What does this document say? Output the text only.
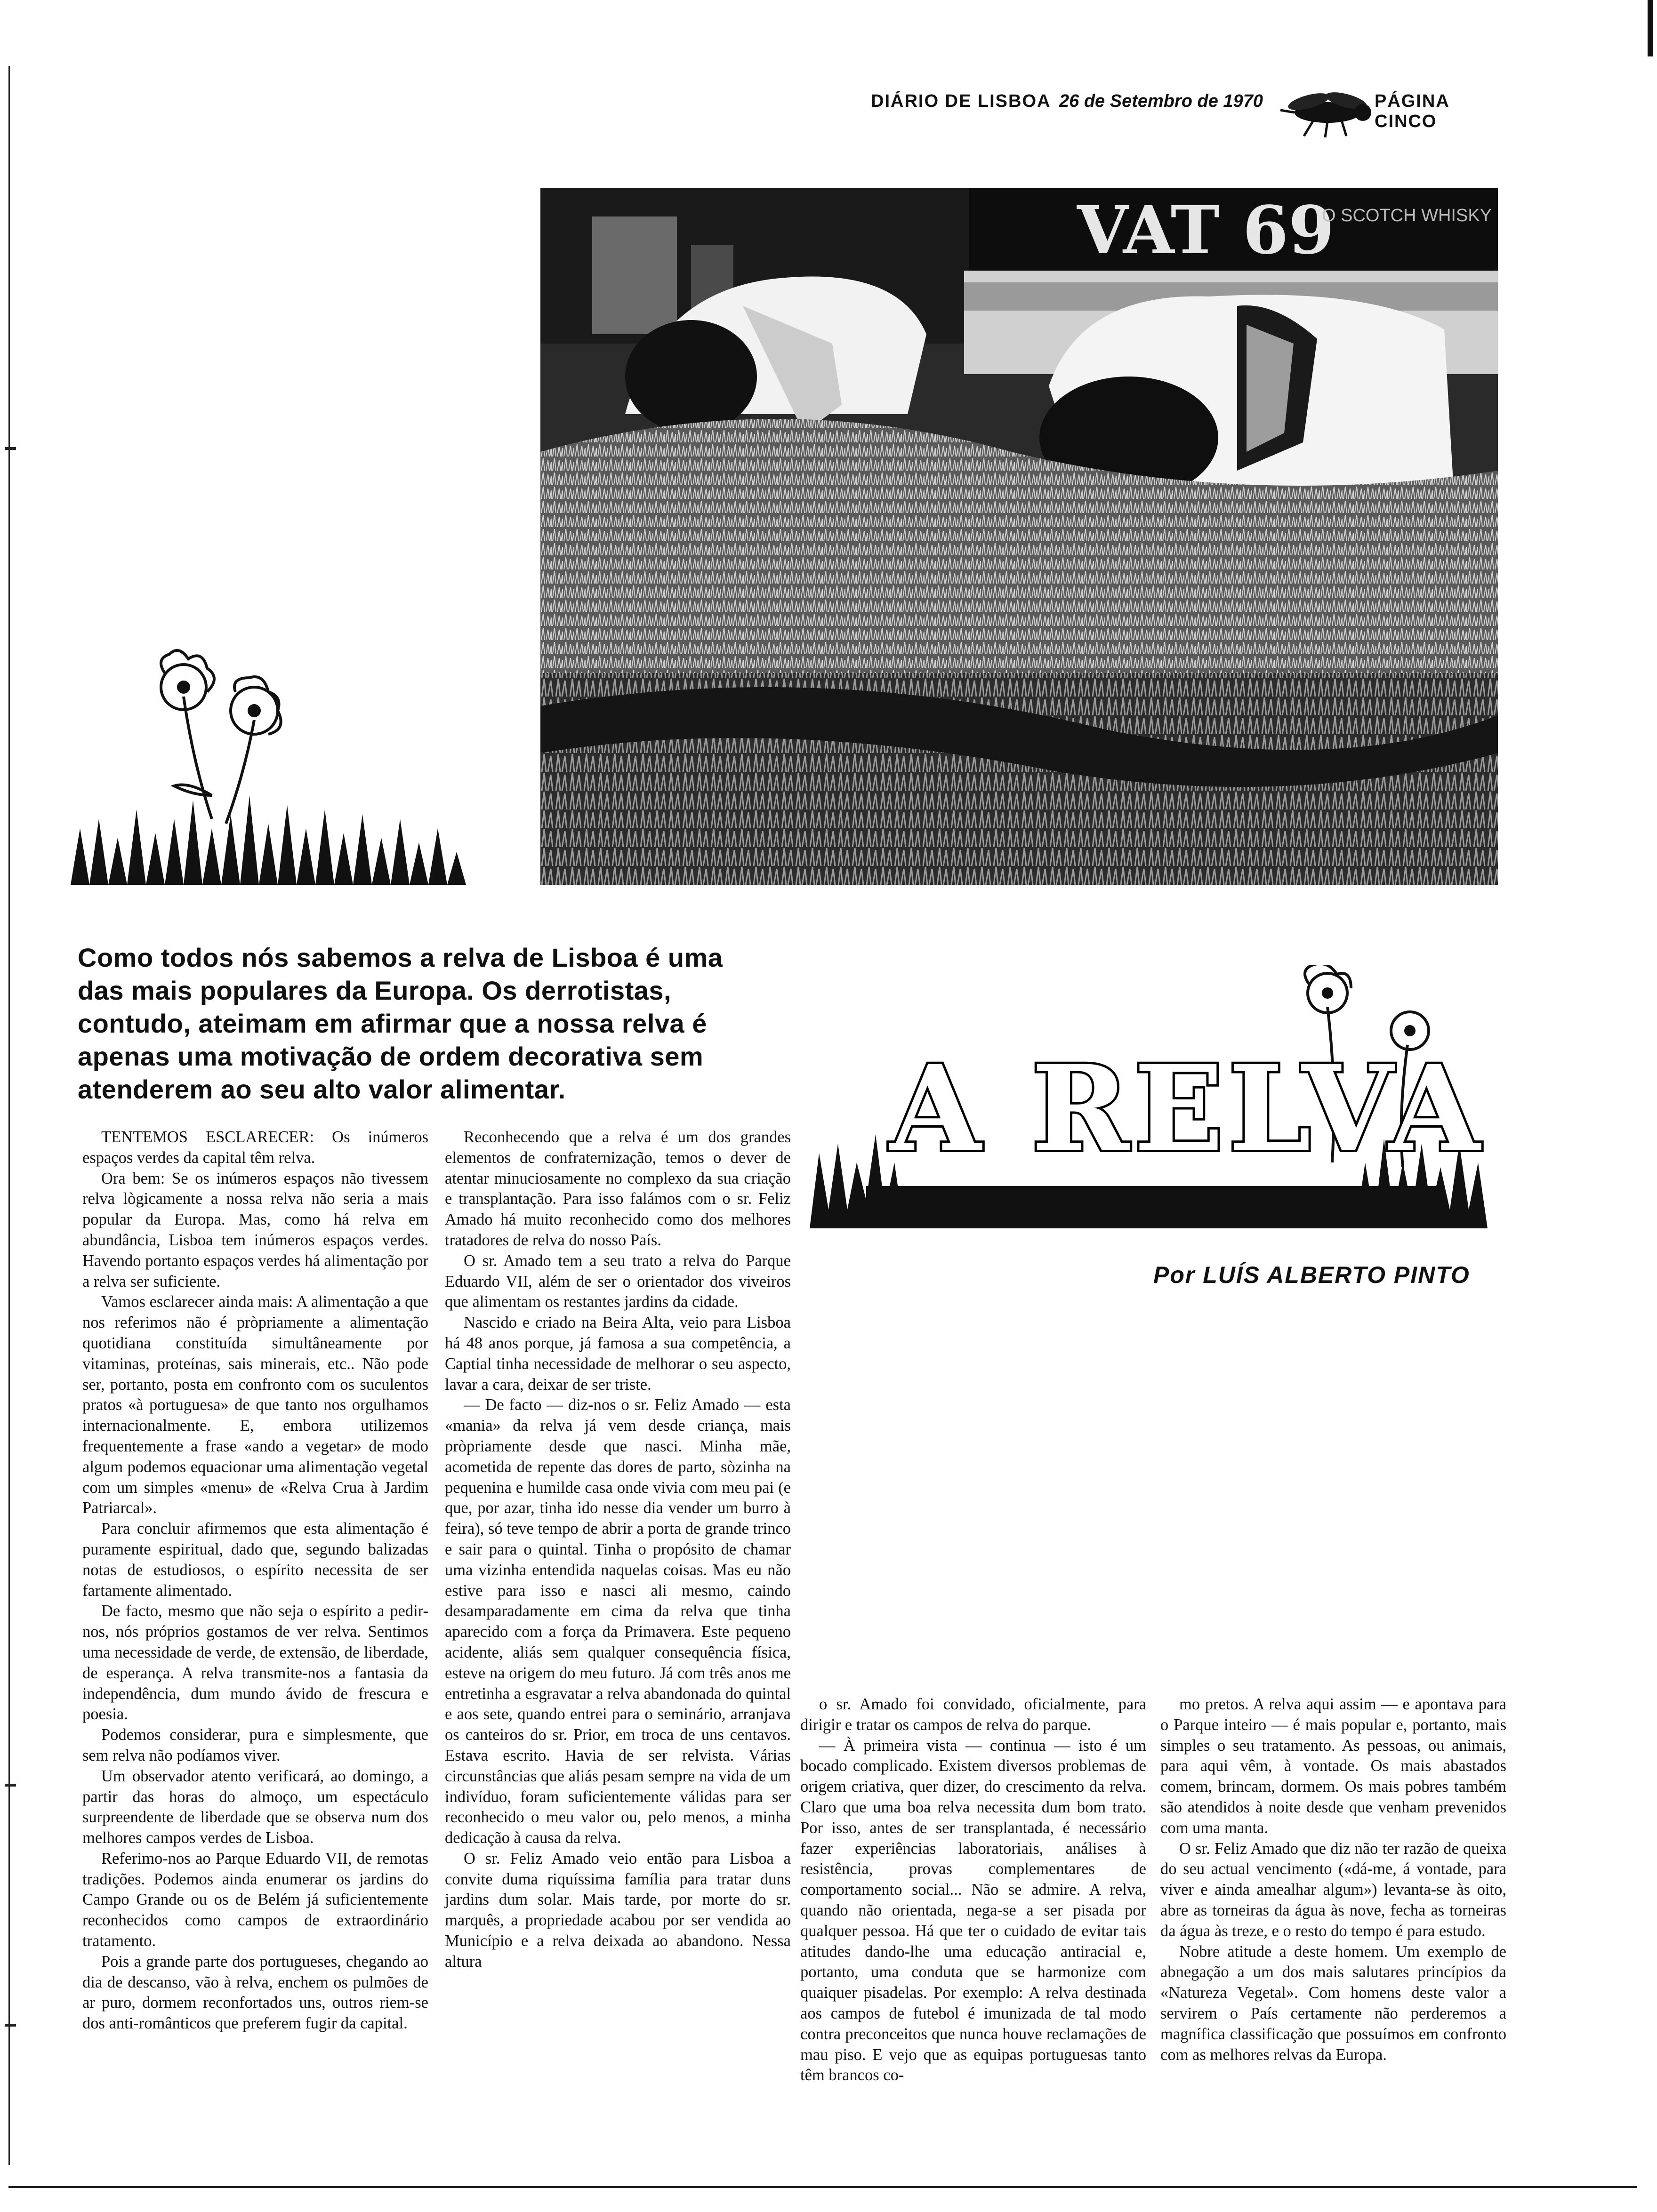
DIÁRIO DE LISBOA 26 de Setembro de 1970	PÁGINA CINCO
VAT 69
O SCOTCH WHISKY
Como todos nós sabemos a relva de Lisboa é uma das mais populares da Europa. Os derrotistas, contudo, ateimam em afirmar que a nossa relva é apenas uma motivação de ordem decorativa sem atenderem ao seu alto valor alimentar.	A RELVA
Por LUÍS ALBERTO PINTO

TENTEMOS ESCLARECER: Os inúmeros espaços verdes da capital têm relva.

Ora bem: Se os inúmeros espaços não tivessem relva lògicamente a nossa relva não seria a mais popular da Europa. Mas, como há relva em abundância, Lisboa tem inúmeros espaços verdes. Havendo portanto espaços verdes há alimentação por a relva ser suficiente.

Vamos esclarecer ainda mais: A alimentação a que nos referimos não é pròpriamente a alimentação quotidiana constituída simultâneamente por vitaminas, proteínas, sais minerais, etc.. Não pode ser, portanto, posta em confronto com os suculentos pratos «à portuguesa» de que tanto nos orgulhamos internacionalmente. E, embora utilizemos frequentemente a frase «ando a vegetar» de modo algum podemos equacionar uma alimentação vegetal com um simples «menu» de «Relva Crua à Jardim Patriarcal».

Para concluir afirmemos que esta alimentação é puramente espiritual, dado que, segundo balizadas notas de estudiosos, o espírito necessita de ser fartamente alimentado.

De facto, mesmo que não seja o espírito a pedir-nos, nós próprios gostamos de ver relva. Sentimos uma necessidade de verde, de extensão, de liberdade, de esperança. A relva transmite-nos a fantasia da independência, dum mundo ávido de frescura e poesia.

Podemos considerar, pura e simplesmente, que sem relva não podíamos viver.

Um observador atento verificará, ao domingo, a partir das horas do almoço, um espectáculo surpreendente de liberdade que se observa num dos melhores campos verdes de Lisboa.

Referimo-nos ao Parque Eduardo VII, de remotas tradições. Podemos ainda enumerar os jardins do Campo Grande ou os de Belém já suficientemente reconhecidos como campos de extraordinário tratamento.

Pois a grande parte dos portugueses, chegando ao dia de descanso, vão à relva, enchem os pulmões de ar puro, dormem reconfortados uns, outros riem-se dos anti-românticos que preferem fugir da capital.

Reconhecendo que a relva é um dos grandes elementos de confraternização, temos o dever de atentar minuciosamente no complexo da sua criação e transplantação. Para isso falámos com o sr. Feliz Amado há muito reconhecido como dos melhores tratadores de relva do nosso País.

O sr. Amado tem a seu trato a relva do Parque Eduardo VII, além de ser o orientador dos viveiros que alimentam os restantes jardins da cidade.

Nascido e criado na Beira Alta, veio para Lisboa há 48 anos porque, já famosa a sua competência, a Captial tinha necessidade de melhorar o seu aspecto, lavar a cara, deixar de ser triste.

— De facto — diz-nos o sr. Feliz Amado — esta «mania» da relva já vem desde criança, mais pròpriamente desde que nasci. Minha mãe, acometida de repente das dores de parto, sòzinha na pequenina e humilde casa onde vivia com meu pai (e que, por azar, tinha ido nesse dia vender um burro à feira), só teve tempo de abrir a porta de grande trinco e sair para o quintal. Tinha o propósito de chamar uma vizinha entendida naquelas coisas. Mas eu não estive para isso e nasci ali mesmo, caindo desamparadamente em cima da relva que tinha aparecido com a força da Primavera. Este pequeno acidente, aliás sem qualquer consequência física, esteve na origem do meu futuro. Já com três anos me entretinha a esgravatar a relva abandonada do quintal e aos sete, quando entrei para o seminário, arranjava os canteiros do sr. Prior, em troca de uns centavos. Estava escrito. Havia de ser relvista. Várias circunstâncias que aliás pesam sempre na vida de um indivíduo, foram suficientemente válidas para ser reconhecido o meu valor ou, pelo menos, a minha dedicação à causa da relva.

O sr. Feliz Amado veio então para Lisboa a convite duma riquíssima família para tratar duns jardins dum solar. Mais tarde, por morte do sr. marquês, a propriedade acabou por ser vendida ao Município e a relva deixada ao abandono. Nessa altura

o sr. Amado foi convidado, oficialmente, para dirigir e tratar os campos de relva do parque.

— À primeira vista — continua — isto é um bocado complicado. Existem diversos problemas de origem criativa, quer dizer, do crescimento da relva. Claro que uma boa relva necessita dum bom trato. Por isso, antes de ser transplantada, é necessário fazer experiências laboratoriais, análises à resistência, provas complementares de comportamento social... Não se admire. A relva, quando não orientada, nega-se a ser pisada por qualquer pessoa. Há que ter o cuidado de evitar tais atitudes dando-lhe uma educação antiracial e, portanto, uma conduta que se harmonize com quaiquer pisadelas. Por exemplo: A relva destinada aos campos de futebol é imunizada de tal modo contra preconceitos que nunca houve reclamações de mau piso. E vejo que as equipas portuguesas tanto têm brancos co-

mo pretos. A relva aqui assim — e apontava para o Parque inteiro — é mais popular e, portanto, mais simples o seu tratamento. As pessoas, ou animais, para aqui vêm, à vontade. Os mais abastados comem, brincam, dormem. Os mais pobres também são atendidos à noite desde que venham prevenidos com uma manta.

O sr. Feliz Amado que diz não ter razão de queixa do seu actual vencimento («dá-me, á vontade, para viver e ainda amealhar algum») levanta-se às oito, abre as torneiras da água às nove, fecha as torneiras da água às treze, e o resto do tempo é para estudo.

Nobre atitude a deste homem. Um exemplo de abnegação a um dos mais salutares princípios da «Natureza Vegetal». Com homens deste valor a servirem o País certamente não perderemos a magnífica classificação que possuímos em confronto com as melhores relvas da Europa.
